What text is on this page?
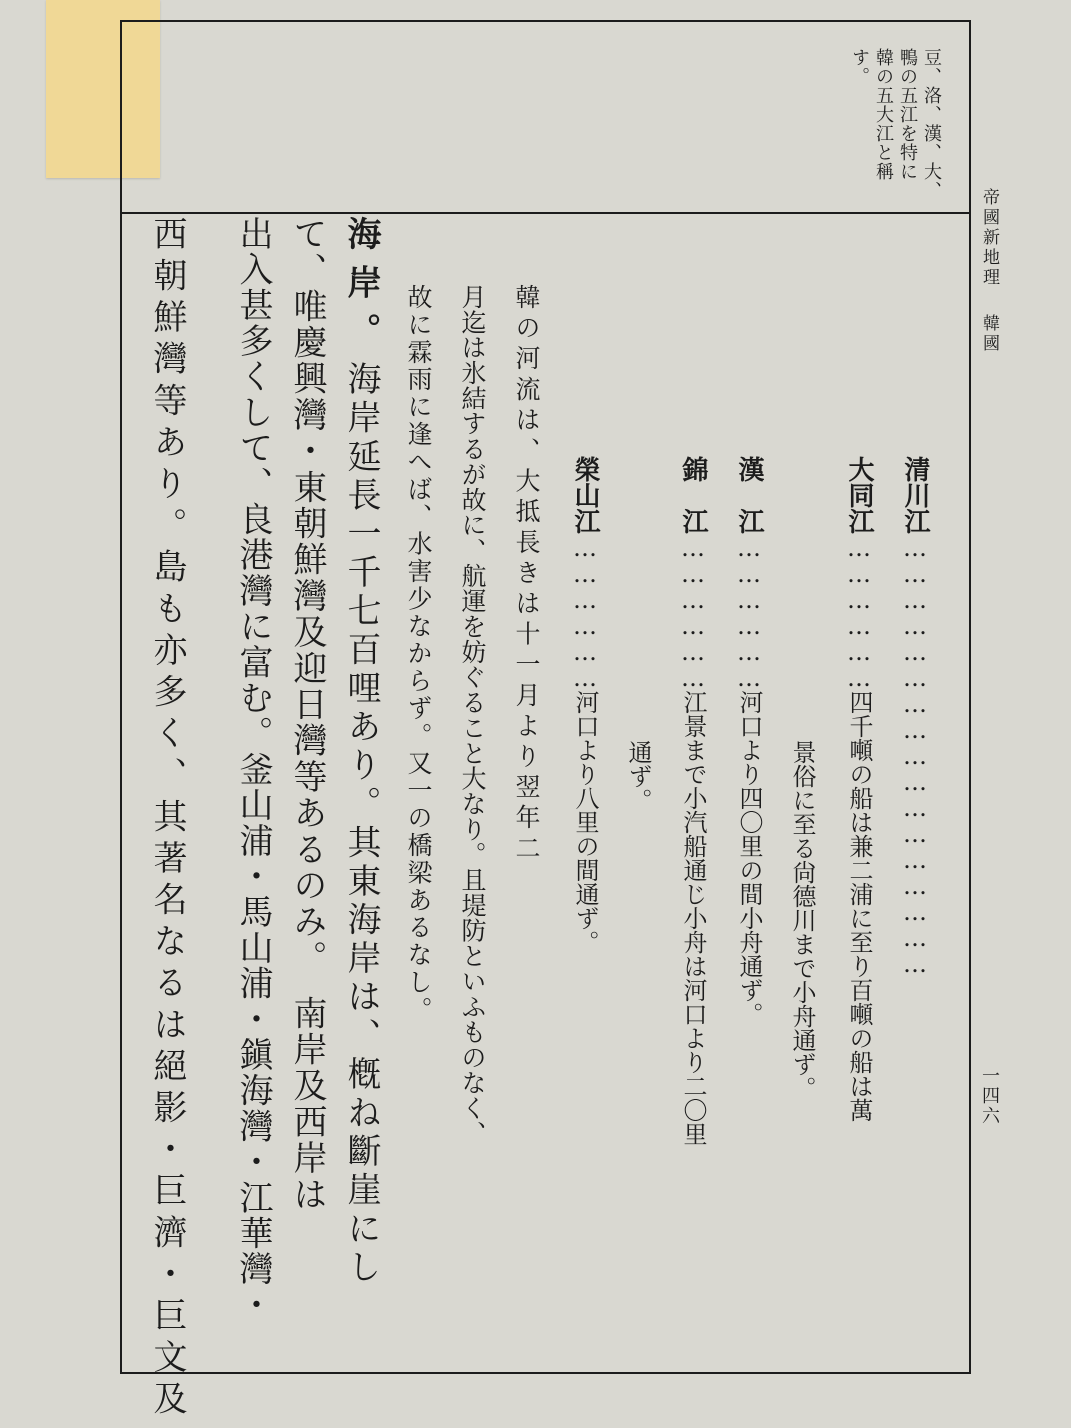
豆、洛、漢、大、
鴨の五江を特に
韓の五大江と稱
す。
帝國新地理韓國
一四六
清川江……………………………………………
大同江………………四千噸の船は兼二浦に至り百噸の船は萬
景俗に至る尙德川まで小舟通ず。
漢　江………………河口より四〇里の間小舟通ず。
錦　江………………江景まで小汽船通じ小舟は河口より二〇里
通ず。
榮山江………………河口より八里の間通ず。
韓の河流は、大抵長きは十一月より翌年二
月迄は氷結するが故に、航運を妨ぐること大なり。且堤防といふものなく、
故に霖雨に逢へば、水害少なからず。又一の橋梁あるなし。
海岸。海岸延長一千七百哩あり。其東海岸は、槪ね斷崖にし
て、唯慶興灣・東朝鮮灣及迎日灣等あるのみ。　南岸及西岸は
出入甚多くして、良港灣に富む。釜山浦・馬山浦・鎭海灣・江華灣・
西朝鮮灣等あり。島も亦多く、其著名なるは絕影・巨濟・巨文及
